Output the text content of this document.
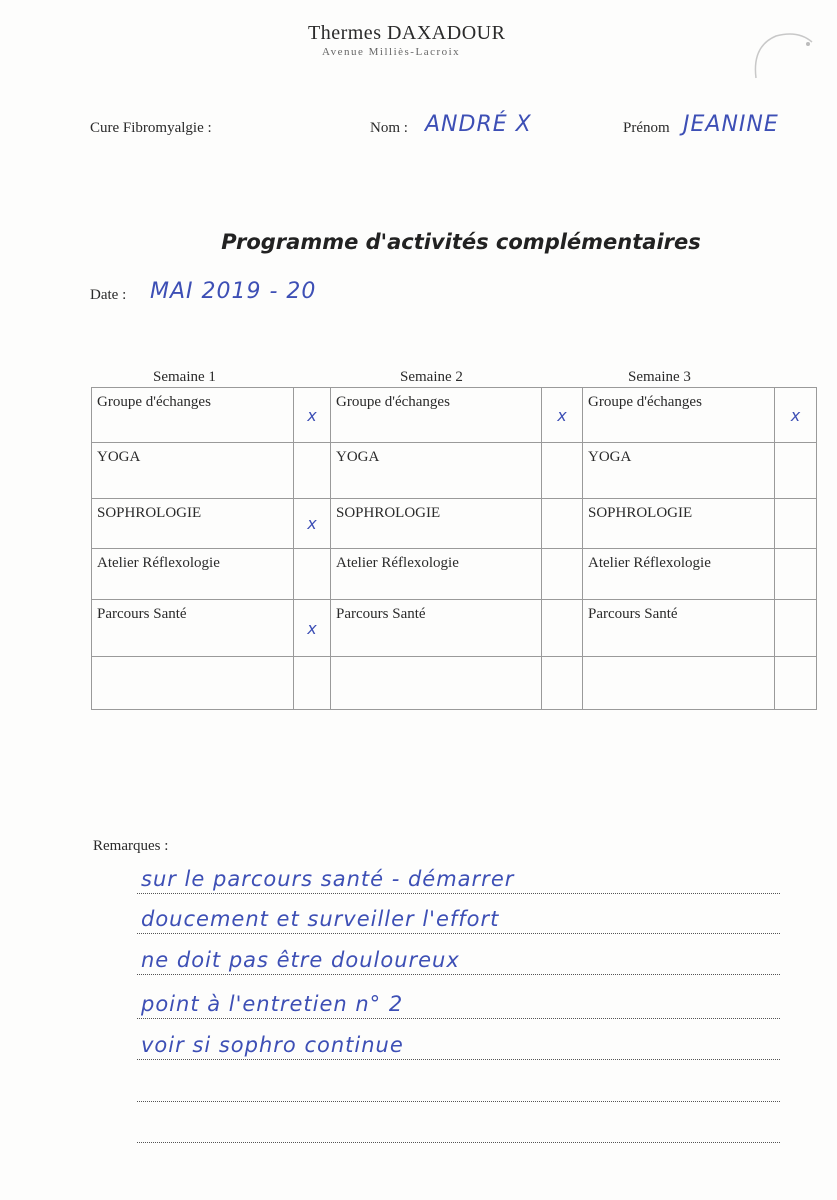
Thermes DAXADOUR
Avenue Milliès-Lacroix
Cure Fibromyalgie :	Nom : ANDRÉ X	Prénom JEANINE
Programme d'activités complémentaires
Date : MAI 2019 - 20
Semaine 1	Semaine 2	Semaine 3
Groupe d'échanges	x	Groupe d'échanges	x	Groupe d'échanges	x
YOGA		YOGA		YOGA	
SOPHROLOGIE	x	SOPHROLOGIE		SOPHROLOGIE	
Atelier Réflexologie		Atelier Réflexologie		Atelier Réflexologie	
Parcours Santé	x	Parcours Santé		Parcours Santé	

Remarques :
sur le parcours santé - démarrer
doucement et surveiller l'effort
ne doit pas être douloureux
point à l'entretien n° 2
voir si sophro continue
